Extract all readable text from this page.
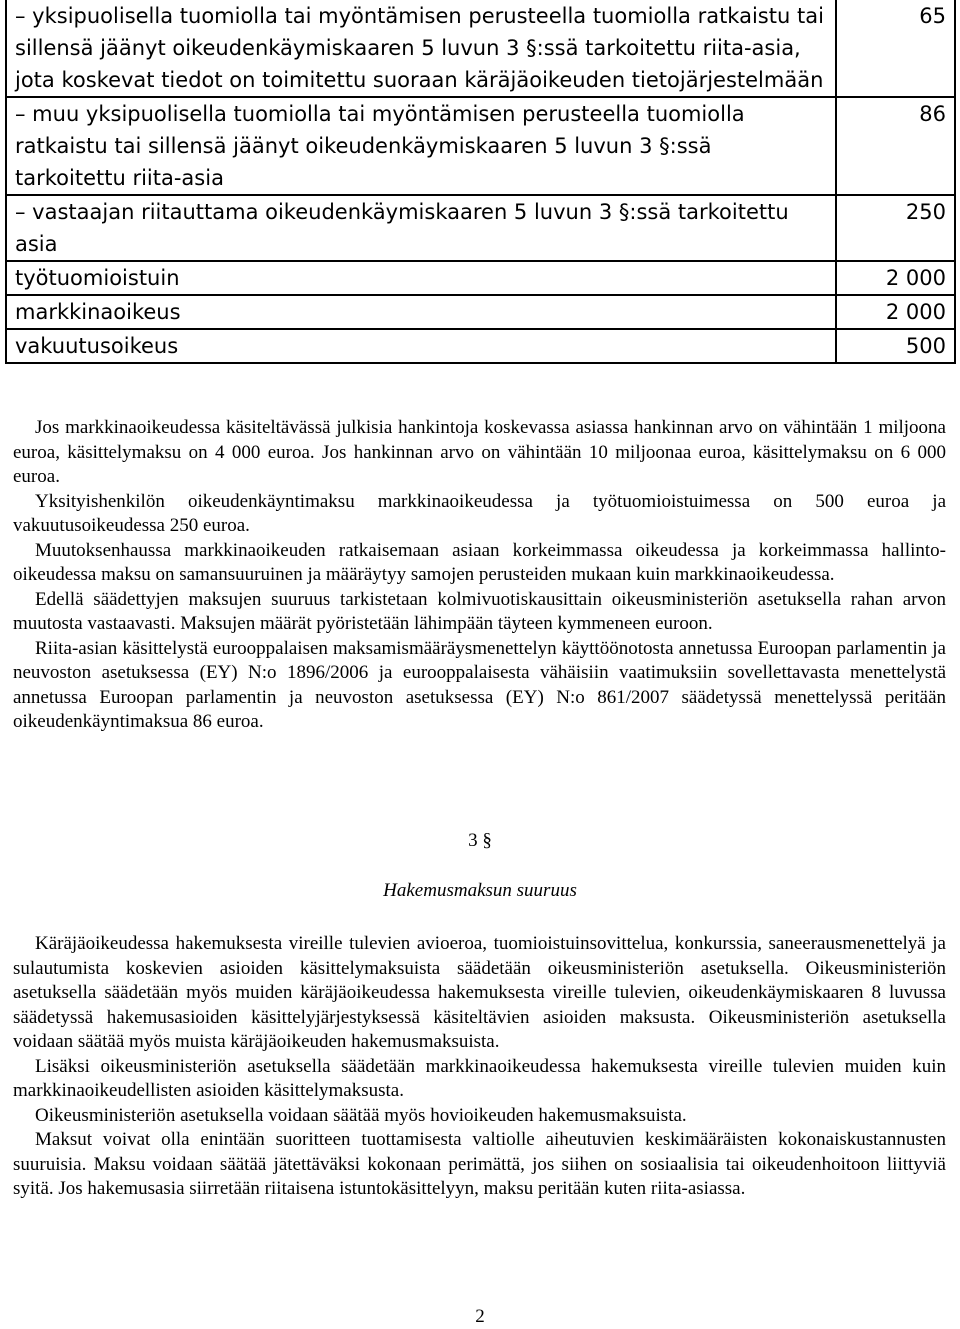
– yksipuolisella tuomiolla tai myöntämisen perusteella tuomiolla ratkaistu tai sillensä jäänyt oikeudenkäymiskaaren 5 luvun 3 §:ssä tarkoitettu riita-asia, jota koskevat tiedot on toimitettu suoraan käräjäoikeuden tietojärjestelmään	65
– muu yksipuolisella tuomiolla tai myöntämisen perusteella tuomiolla ratkaistu tai sillensä jäänyt oikeudenkäymiskaaren 5 luvun 3 §:ssä tarkoitettu riita-asia	86
– vastaajan riitauttama oikeudenkäymiskaaren 5 luvun 3 §:ssä tarkoitettu asia	250
työtuomioistuin	2 000
markkinaoikeus	2 000
vakuutusoikeus	500

Jos markkinaoikeudessa käsiteltävässä julkisia hankintoja koskevassa asiassa hankinnan arvo on vähintään 1 miljoona euroa, käsittelymaksu on 4 000 euroa. Jos hankinnan arvo on vähintään 10 miljoonaa euroa, käsittelymaksu on 6 000 euroa.

Yksityishenkilön oikeudenkäyntimaksu markkinaoikeudessa ja työtuomioistuimessa on 500 euroa ja vakuutusoikeudessa 250 euroa.

Muutoksenhaussa markkinaoikeuden ratkaisemaan asiaan korkeimmassa oikeudessa ja korkeimmassa hallinto-oikeudessa maksu on samansuuruinen ja määräytyy samojen perusteiden mukaan kuin markkinaoikeudessa.

Edellä säädettyjen maksujen suuruus tarkistetaan kolmivuotiskausittain oikeusministeriön asetuksella rahan arvon muutosta vastaavasti. Maksujen määrät pyöristetään lähimpään täyteen kymmeneen euroon.

Riita-asian käsittelystä eurooppalaisen maksamismääräysmenettelyn käyttöönotosta annetussa Euroopan parlamentin ja neuvoston asetuksessa (EY) N:o 1896/2006 ja eurooppalaisesta vähäisiin vaatimuksiin sovellettavasta menettelystä annetussa Euroopan parlamentin ja neuvoston asetuksessa (EY) N:o 861/2007 säädetyssä menettelyssä peritään oikeudenkäyntimaksua 86 euroa.

3 §
Hakemusmaksun suuruus

Käräjäoikeudessa hakemuksesta vireille tulevien avioeroa, tuomioistuinsovittelua, konkurssia, saneerausmenettelyä ja sulautumista koskevien asioiden käsittelymaksuista säädetään oikeusministeriön asetuksella. Oikeusministeriön asetuksella säädetään myös muiden käräjäoikeudessa hakemuksesta vireille tulevien, oikeudenkäymiskaaren 8 luvussa säädetyssä hakemusasioiden käsittelyjärjestyksessä käsiteltävien asioiden maksusta. Oikeusministeriön asetuksella voidaan säätää myös muista käräjäoikeuden hakemusmaksuista.

Lisäksi oikeusministeriön asetuksella säädetään markkinaoikeudessa hakemuksesta vireille tulevien muiden kuin markkinaoikeudellisten asioiden käsittelymaksusta.

Oikeusministeriön asetuksella voidaan säätää myös hovioikeuden hakemusmaksuista.

Maksut voivat olla enintään suoritteen tuottamisesta valtiolle aiheutuvien keskimääräisten kokonaiskustannusten suuruisia. Maksu voidaan säätää jätettäväksi kokonaan perimättä, jos siihen on sosiaalisia tai oikeudenhoitoon liittyviä syitä. Jos hakemusasia siirretään riitaisena istuntokäsittelyyn, maksu peritään kuten riita-asiassa.

2
